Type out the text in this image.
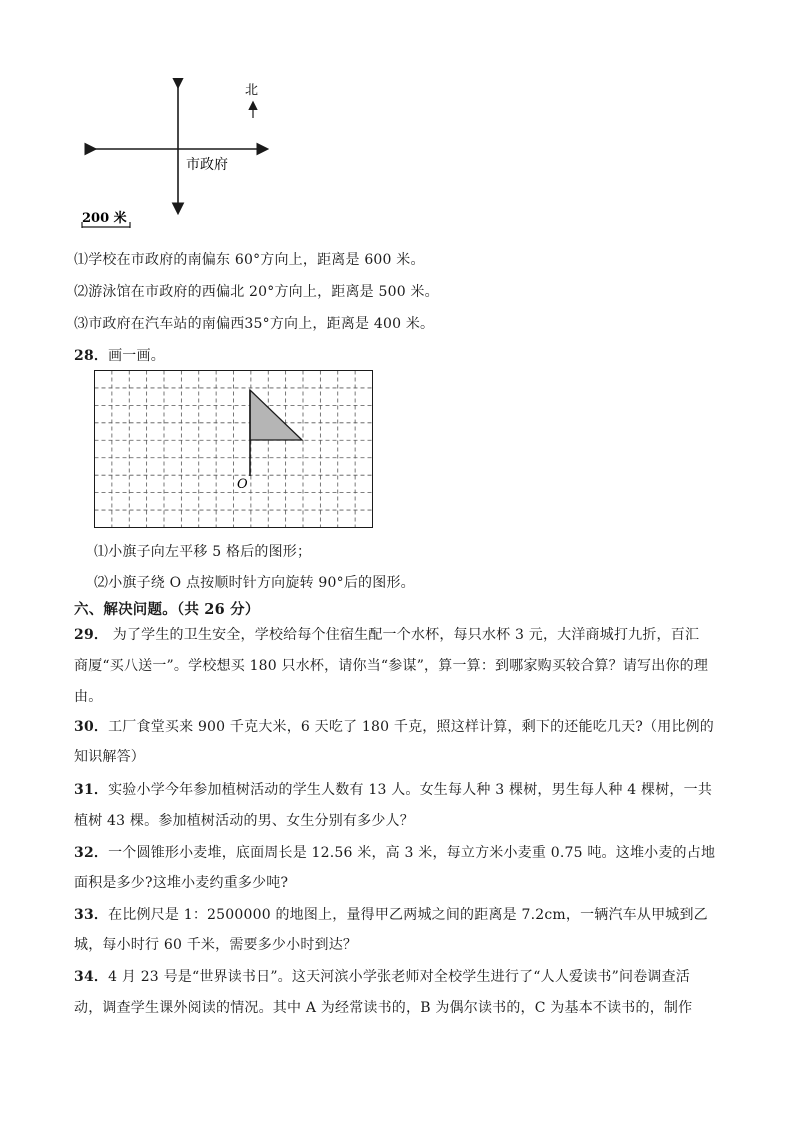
北
市政府
200 米
⑴学校在市政府的南偏东 60°方向上，距离是 600 米。
⑵游泳馆在市政府的西偏北 20°方向上，距离是 500 米。
⑶市政府在汽车站的南偏西35°方向上，距离是 400 米。
28．画一画。
O
⑴小旗子向左平移 5 格后的图形；
⑵小旗子绕 O 点按顺时针方向旋转 90°后的图形。
六、解决问题。（共 26 分）
29． 为了学生的卫生安全，学校给每个住宿生配一个水杯，每只水杯 3 元，大洋商城打九折，百汇
商厦“买八送一”。学校想买 180 只水杯，请你当“参谋”，算一算：到哪家购买较合算？请写出你的理
由。
30．工厂食堂买来 900 千克大米，6 天吃了 180 千克，照这样计算，剩下的还能吃几天?（用比例的
知识解答）
31．实验小学今年参加植树活动的学生人数有 13 人。女生每人种 3 棵树，男生每人种 4 棵树，一共
植树 43 棵。参加植树活动的男、女生分别有多少人？
32．一个圆锥形小麦堆，底面周长是 12.56 米，高 3 米，每立方米小麦重 0.75 吨。这堆小麦的占地
面积是多少?这堆小麦约重多少吨?
33．在比例尺是 1：2500000 的地图上，量得甲乙两城之间的距离是 7.2cm，一辆汽车从甲城到乙
城，每小时行 60 千米，需要多少小时到达？
34．4 月 23 号是“世界读书日”。这天河滨小学张老师对全校学生进行了“人人爱读书”问卷调查活
动，调查学生课外阅读的情况。其中 A 为经常读书的，B 为偶尔读书的，C 为基本不读书的，制作
